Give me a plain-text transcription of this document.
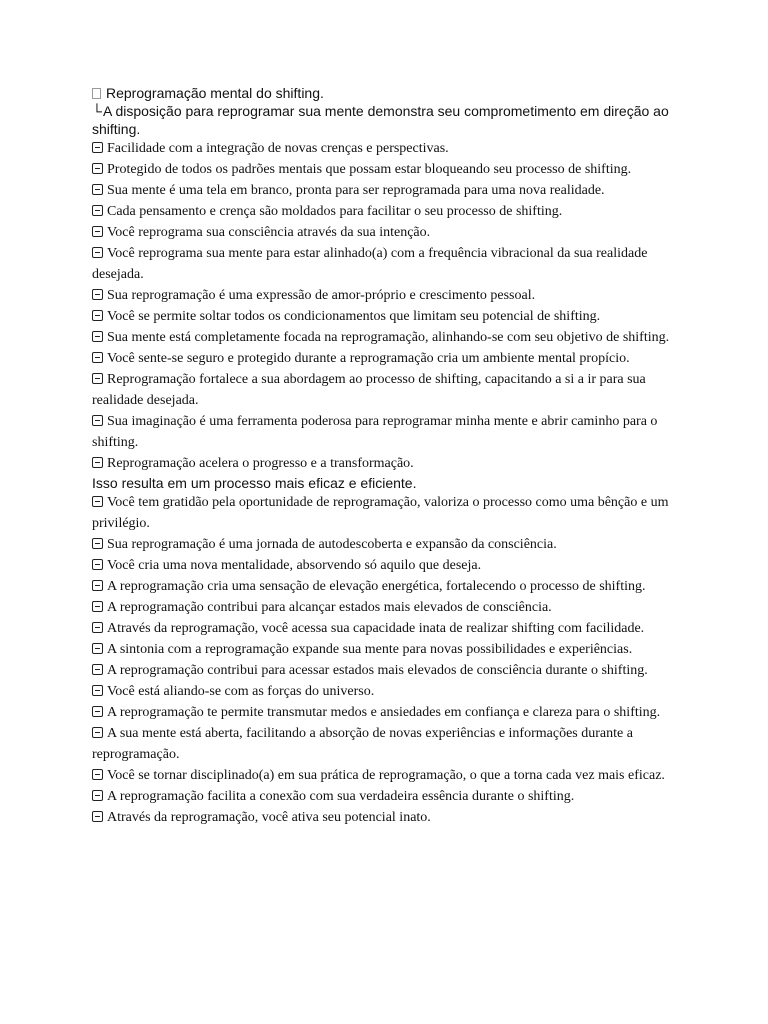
Reprogramação mental do shifting.
└A disposição para reprogramar sua mente demonstra seu comprometimento em direção ao shifting.
Facilidade com a integração de novas crenças e perspectivas.
Protegido de todos os padrões mentais que possam estar bloqueando seu processo de shifting.
Sua mente é uma tela em branco, pronta para ser reprogramada para uma nova realidade.
Cada pensamento e crença são moldados para facilitar o seu processo de shifting.
Você reprograma sua consciência através da sua intenção.
Você reprograma sua mente para estar alinhado(a) com a frequência vibracional da sua realidade desejada.
Sua reprogramação é uma expressão de amor-próprio e crescimento pessoal.
Você se permite soltar todos os condicionamentos que limitam seu potencial de shifting.
Sua mente está completamente focada na reprogramação, alinhando-se com seu objetivo de shifting.
Você sente-se seguro e protegido durante a reprogramação cria um ambiente mental propício.
Reprogramação fortalece a sua abordagem ao processo de shifting, capacitando a si a ir para sua realidade desejada.
Sua imaginação é uma ferramenta poderosa para reprogramar minha mente e abrir caminho para o shifting.
Reprogramação acelera o progresso e a transformação.
Isso resulta em um processo mais eficaz e eficiente.
Você tem gratidão pela oportunidade de reprogramação, valoriza o processo como uma bênção e um privilégio.
Sua reprogramação é uma jornada de autodescoberta e expansão da consciência.
Você cria uma nova mentalidade, absorvendo só aquilo que deseja.
A reprogramação cria uma sensação de elevação energética, fortalecendo o processo de shifting.
A reprogramação contribui para alcançar estados mais elevados de consciência.
Através da reprogramação, você acessa sua capacidade inata de realizar shifting com facilidade.
A sintonia com a reprogramação expande sua mente para novas possibilidades e experiências.
A reprogramação contribui para acessar estados mais elevados de consciência durante o shifting.
Você está aliando-se com as forças do universo.
A reprogramação te permite transmutar medos e ansiedades em confiança e clareza para o shifting.
A sua mente está aberta, facilitando a absorção de novas experiências e informações durante a reprogramação.
Você se tornar disciplinado(a) em sua prática de reprogramação, o que a torna cada vez mais eficaz.
A reprogramação facilita a conexão com sua verdadeira essência durante o shifting.
Através da reprogramação, você ativa seu potencial inato.
